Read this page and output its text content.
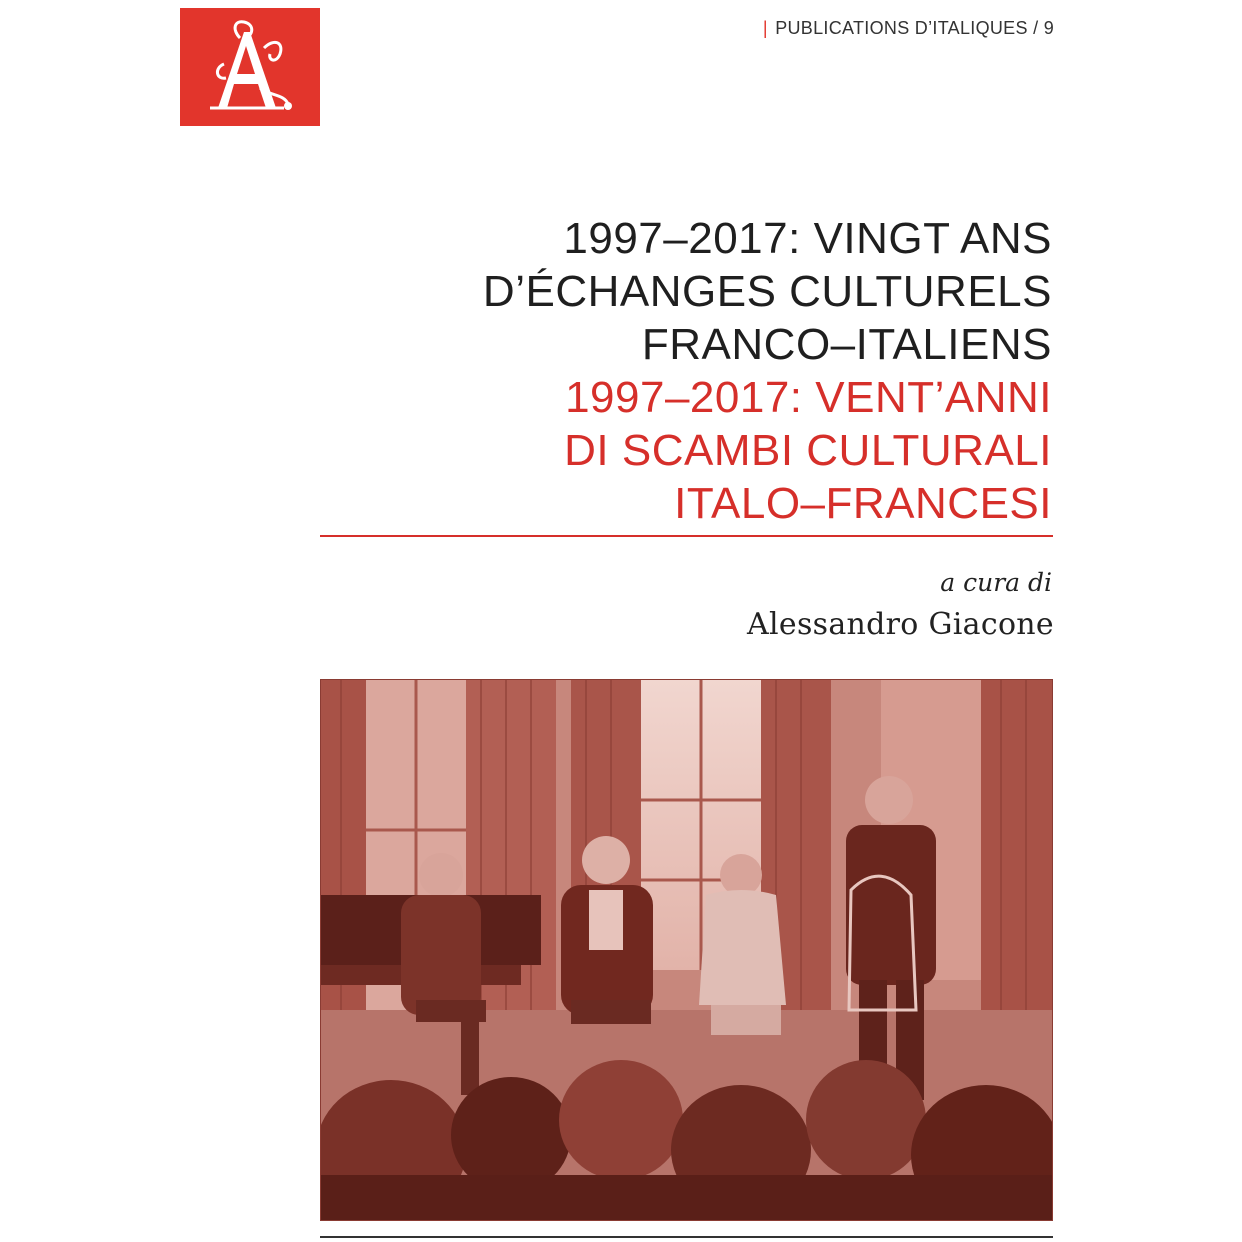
| PUBLICATIONS D’ITALIQUES / 9
1997–2017: VINGT ANS
D’ÉCHANGES CULTURELS
FRANCO–ITALIENS
1997–2017: VENT’ANNI
DI SCAMBI CULTURALI
ITALO–FRANCESI
a cura di
Alessandro Giacone
